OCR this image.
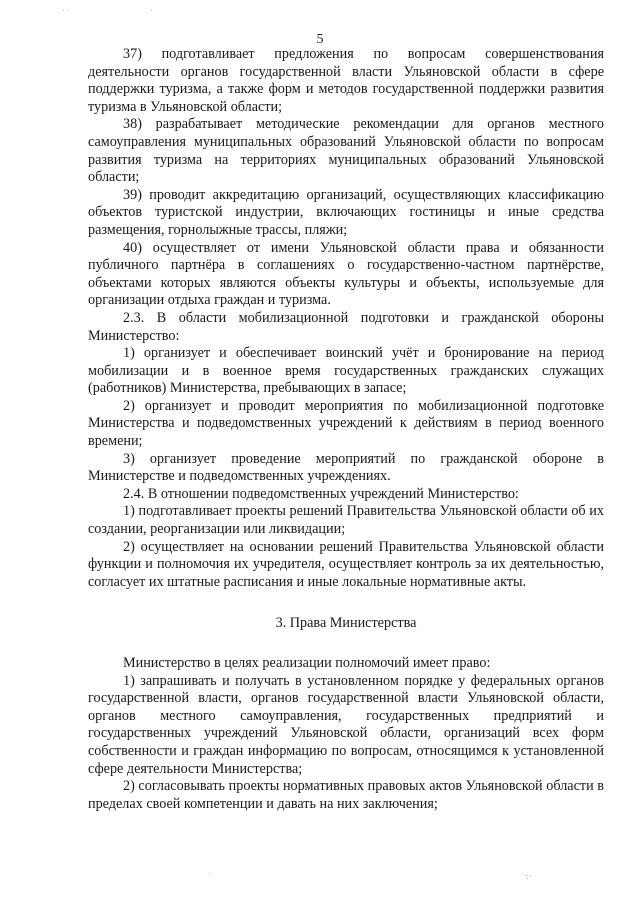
· ·	·
·	·:·
5

37) подготавливает предложения по вопросам совершенствования деятельности органов государственной власти Ульяновской области в сфере поддержки туризма, а также форм и методов государственной поддержки развития туризма в Ульяновской области;

38) разрабатывает методические рекомендации для органов местного самоуправления муниципальных образований Ульяновской области по вопросам развития туризма на территориях муниципальных образований Ульяновской области;

39) проводит аккредитацию организаций, осуществляющих классификацию объектов туристской индустрии, включающих гостиницы и иные средства размещения, горнолыжные трассы, пляжи;

40) осуществляет от имени Ульяновской области права и обязанности публичного партнёра в соглашениях о государственно-частном партнёрстве, объектами которых являются объекты культуры и объекты, используемые для организации отдыха граждан и туризма.

2.3. В области мобилизационной подготовки и гражданской обороны Министерство:

1) организует и обеспечивает воинский учёт и бронирование на период мобилизации и в военное время государственных гражданских служащих (работников) Министерства, пребывающих в запасе;

2) организует и проводит мероприятия по мобилизационной подготовке Министерства и подведомственных учреждений к действиям в период военного времени;

3) организует проведение мероприятий по гражданской обороне в Министерстве и подведомственных учреждениях.

2.4. В отношении подведомственных учреждений Министерство:

1) подготавливает проекты решений Правительства Ульяновской области об их создании, реорганизации или ликвидации;

2) осуществляет на основании решений Правительства Ульяновской области функции и полномочия их учредителя, осуществляет контроль за их деятельностью, согласует их штатные расписания и иные локальные нормативные акты.

3. Права Министерства

Министерство в целях реализации полномочий имеет право:

1) запрашивать и получать в установленном порядке у федеральных органов государственной власти, органов государственной власти Ульяновской области, органов местного самоуправления, государственных предприятий и государственных учреждений Ульяновской области, организаций всех форм собственности и граждан информацию по вопросам, относящимся к установленной сфере деятельности Министерства;

2) согласовывать проекты нормативных правовых актов Ульяновской области в пределах своей компетенции и давать на них заключения;
